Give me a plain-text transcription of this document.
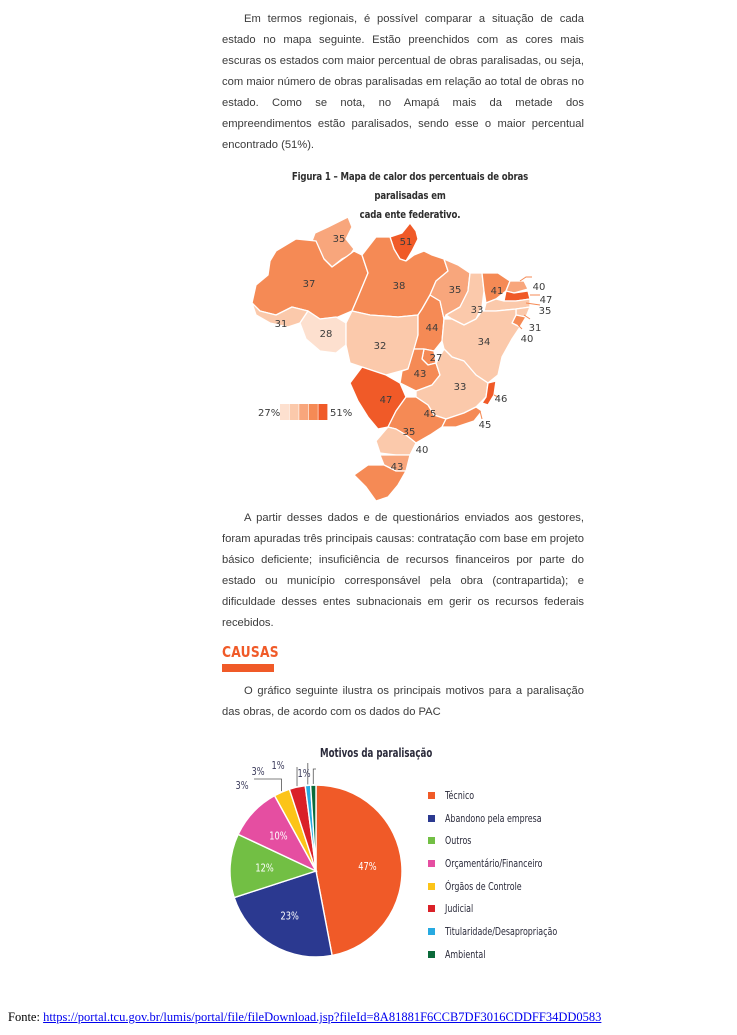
Em termos regionais, é possível comparar a situação de cada estado no mapa seguinte. Estão preenchidos com as cores mais escuras os estados com maior percentual de obras paralisadas, ou seja, com maior número de obras paralisadas em relação ao total de obras no estado. Como se nota, no Amapá mais da metade dos empreendimentos estão paralisados, sendo esse o maior percentual encontrado (51%).
Figura 1 – Mapa de calor dos percentuais de obras paralisadas em
cada ente federativo.
35	51
37	38
31
28
32
44
35
33
41	40
47
35
31
40
34
27
43
33
46
47
45
45
35
40
43
27%	51%
A partir desses dados e de questionários enviados aos gestores, foram apuradas três principais causas: contratação com base em projeto básico deficiente; insuficiência de recursos financeiros por parte do estado ou município corresponsável pela obra (contrapartida); e dificuldade desses entes subnacionais em gerir os recursos federais recebidos.
CAUSAS
O gráfico seguinte ilustra os principais motivos para a paralisação das obras, de acordo com os dados do PAC
Motivos da paralisação
47%
23%
12%
10%
3%
3% 1%
1%
Técnico
Abandono pela empresa
Outros
Orçamentário/Financeiro
Órgãos de Controle
Judicial
Titularidade/Desapropriação
Ambiental
Fonte: https://portal.tcu.gov.br/lumis/portal/file/fileDownload.jsp?fileId=8A81881F6CCB7DF3016CDDFF34DD0583
